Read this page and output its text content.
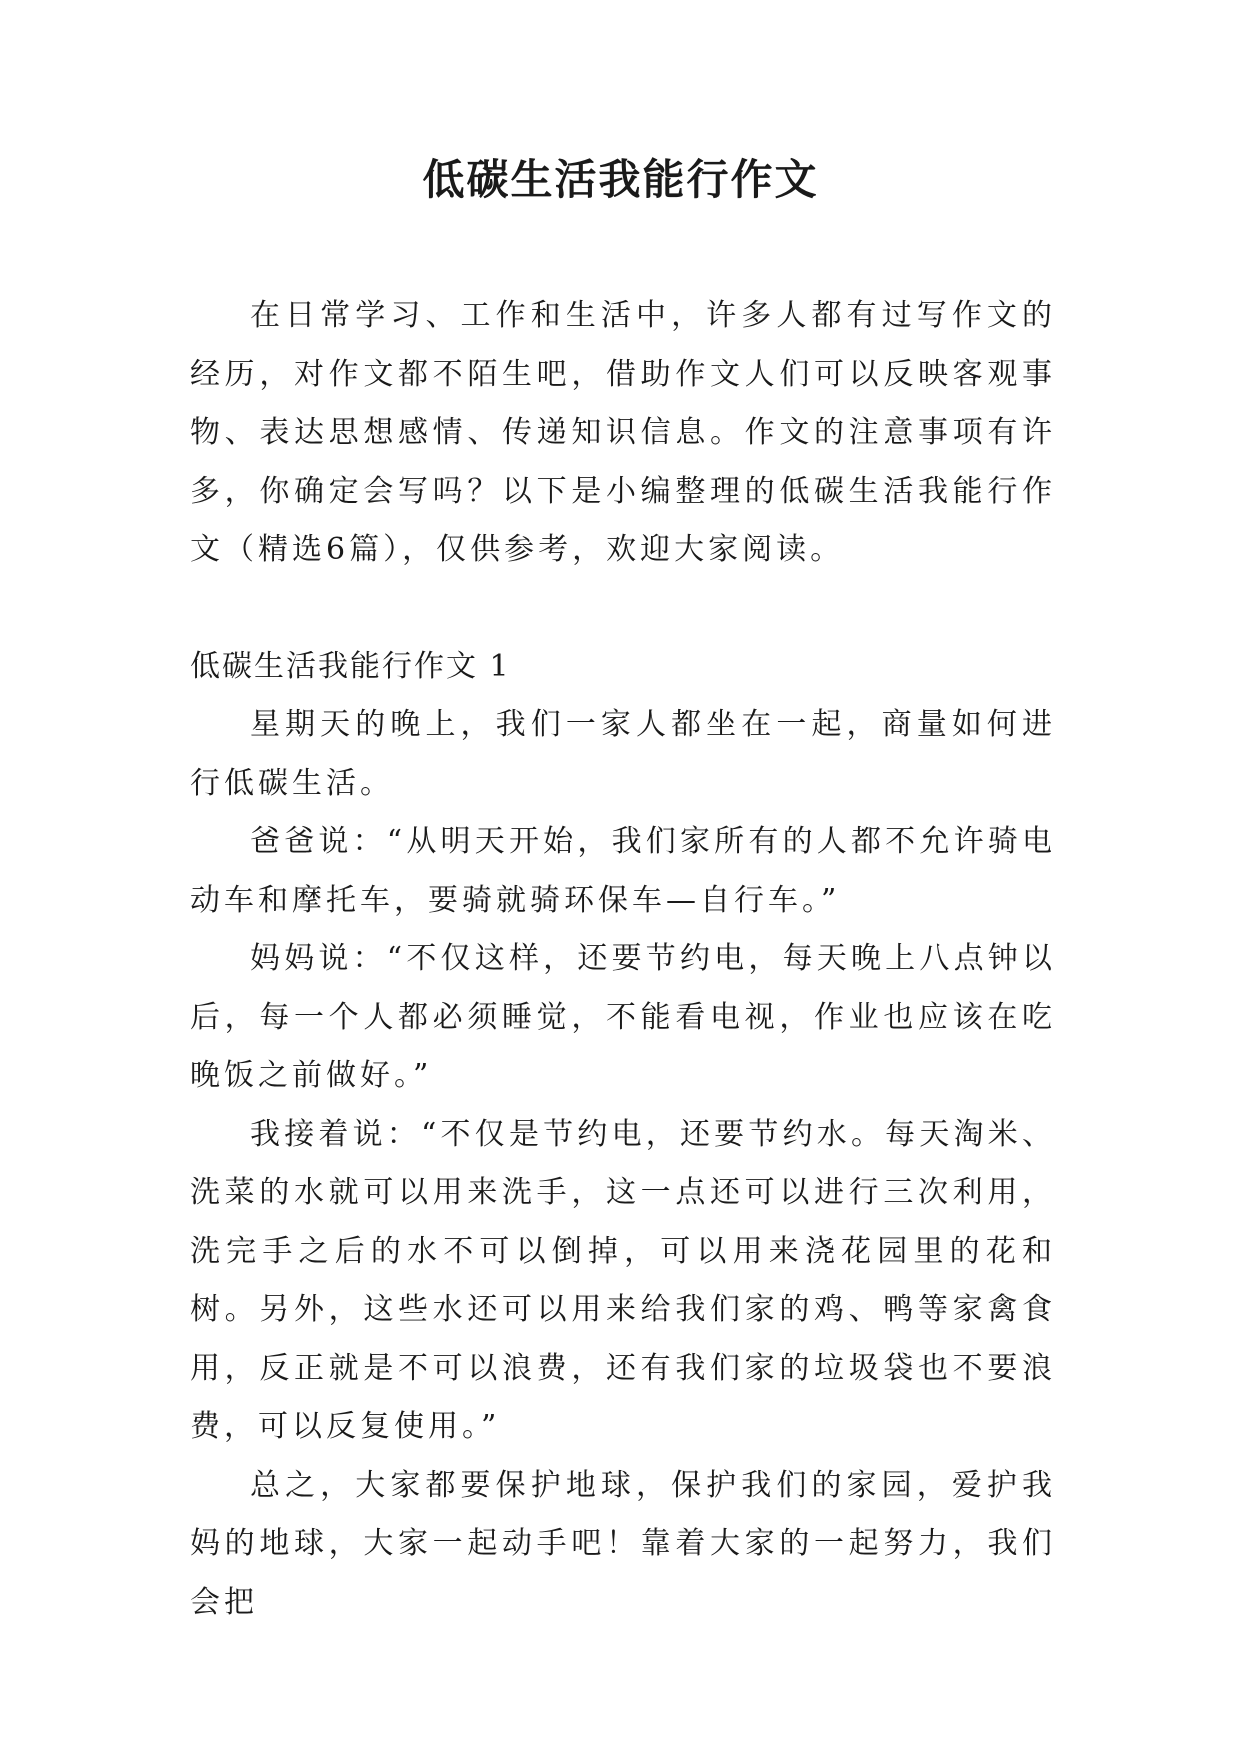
低碳生活我能行作文

在日常学习、工作和生活中，许多人都有过写作文的经历，对作文都不陌生吧，借助作文人们可以反映客观事物、表达思想感情、传递知识信息。作文的注意事项有许多，你确定会写吗？以下是小编整理的低碳生活我能行作文（精选6篇），仅供参考，欢迎大家阅读。

低碳生活我能行作文 1

星期天的晚上，我们一家人都坐在一起，商量如何进行低碳生活。

爸爸说：“从明天开始，我们家所有的人都不允许骑电动车和摩托车，要骑就骑环保车—自行车。”

妈妈说：“不仅这样，还要节约电，每天晚上八点钟以后，每一个人都必须睡觉，不能看电视，作业也应该在吃晚饭之前做好。”

我接着说：“不仅是节约电，还要节约水。每天淘米、洗菜的水就可以用来洗手，这一点还可以进行三次利用，洗完手之后的水不可以倒掉，可以用来浇花园里的花和树。另外，这些水还可以用来给我们家的鸡、鸭等家禽食用，反正就是不可以浪费，还有我们家的垃圾袋也不要浪费，可以反复使用。”

总之，大家都要保护地球，保护我们的家园，爱护我妈的地球，大家一起动手吧！靠着大家的一起努力，我们会把
